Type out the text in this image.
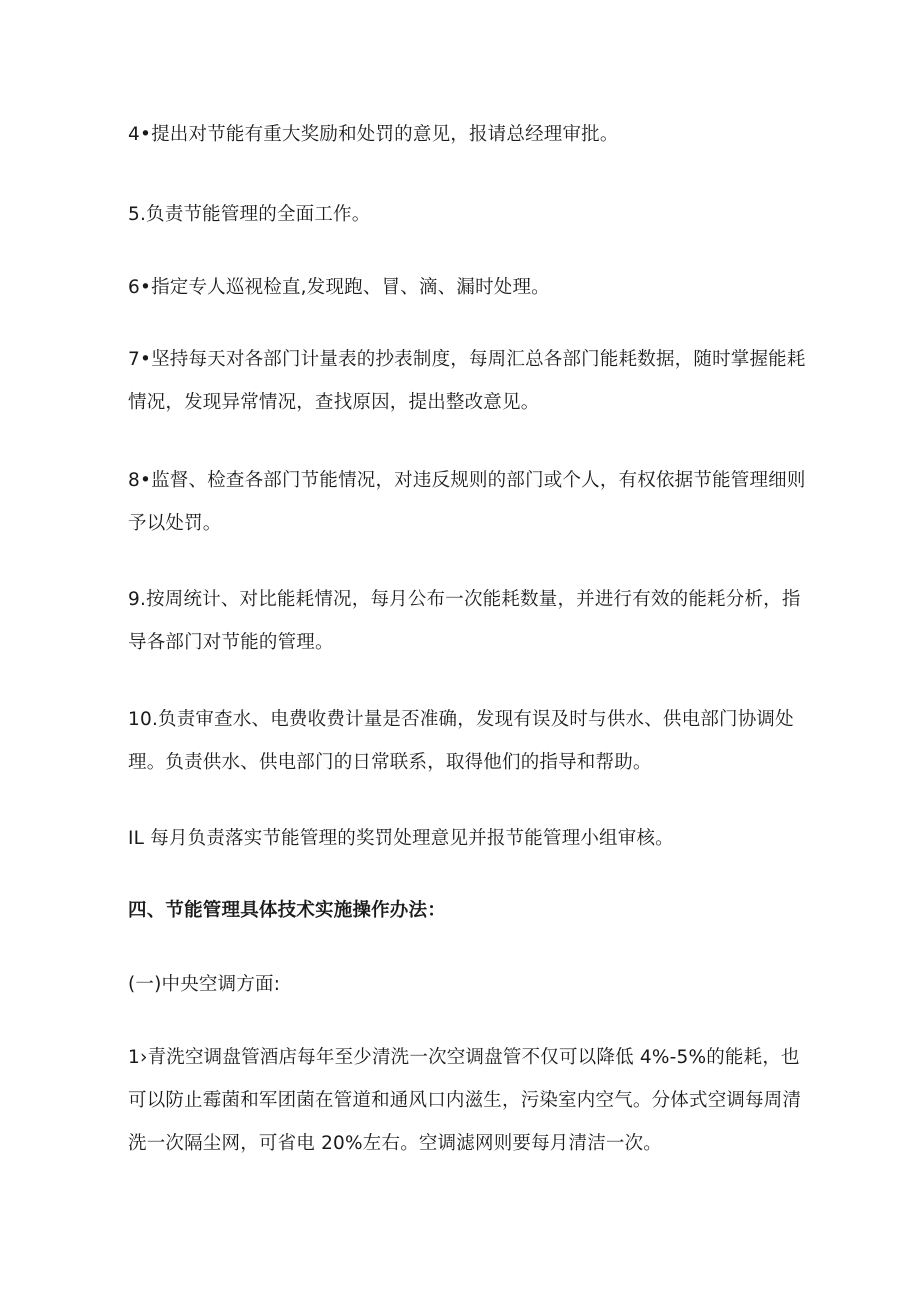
4•提出对节能有重大奖励和处罚的意见，报请总经理审批。

5.负责节能管理的全面工作。

6•指定专人巡视检直,发现跑、冒、滴、漏时处理。

7•坚持每天对各部门计量表的抄表制度，每周汇总各部门能耗数据，随时掌握能耗情况，发现异常情况，查找原因，提出整改意见。

8•监督、检查各部门节能情况，对违反规则的部门或个人，有权依据节能管理细则予以处罚。

9.按周统计、对比能耗情况，每月公布一次能耗数量，并进行有效的能耗分析，指导各部门对节能的管理。

10.负责审查水、电费收费计量是否准确，发现有误及时与供水、供电部门协调处理。负责供水、供电部门的日常联系，取得他们的指导和帮助。

IL 每月负责落实节能管理的奖罚处理意见并报节能管理小组审核。

四、节能管理具体技术实施操作办法：

(一)中央空调方面:

1›青洗空调盘管酒店每年至少清洗一次空调盘管不仅可以降低 4%-5%的能耗，也可以防止霉菌和军团菌在管道和通风口内滋生，污染室内空气。分体式空调每周清洗一次隔尘网，可省电 20%左右。空调滤网则要每月清洁一次。
